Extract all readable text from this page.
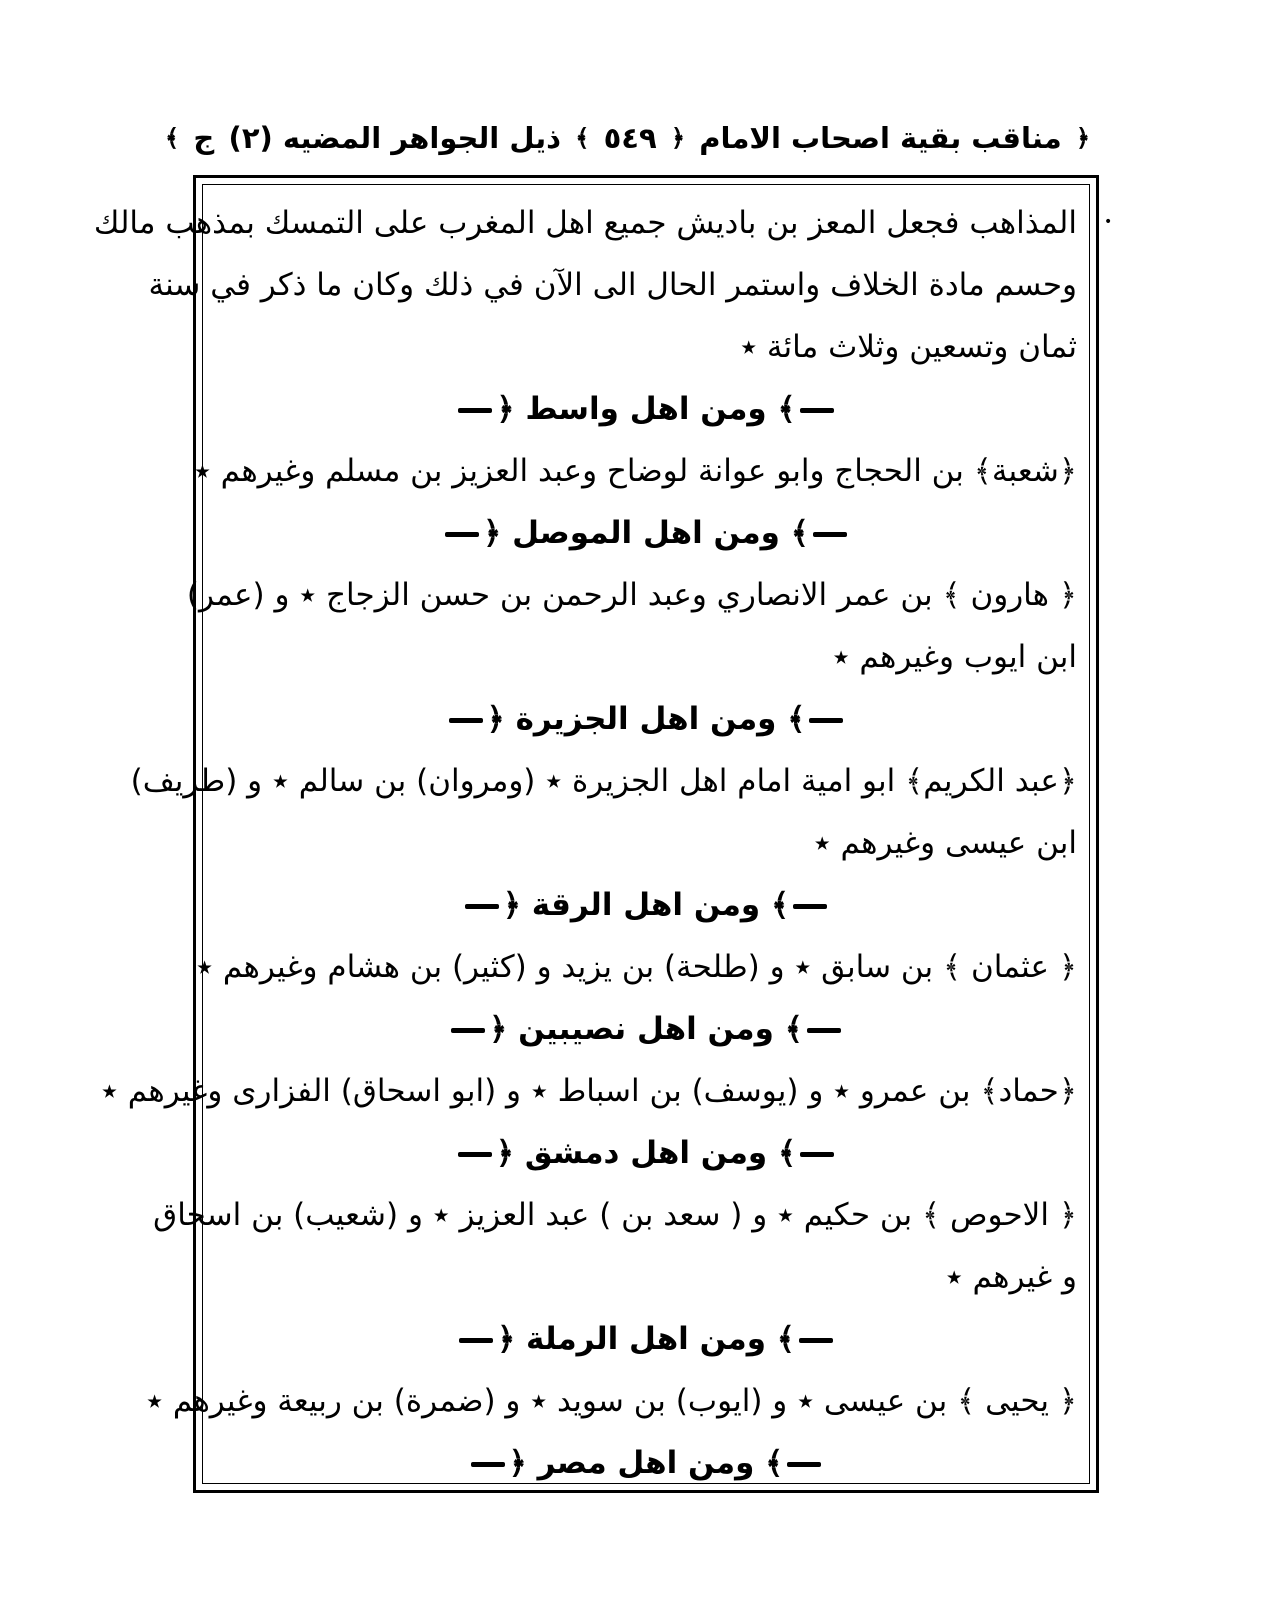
﴿
مناقب بقية اصحاب الامام
﴿
٥٤٩
﴾
ذيل الجواهر المضيه (٢)
ج
﴾
•
المذاهب فجعل المعز بن باديش جميع اهل المغرب على التمسك بمذهب مالك
وحسم مادة الخلاف واستمر الحال الى الآن في ذلك وكان ما ذكر في سنة
ثمان وتسعين وثلاث مائة ٭
﴾ ومن اهل واسط ﴿
﴿شعبة﴾ بن الحجاج وابو عوانة لوضاح وعبد العزيز بن مسلم وغيرهم ٭
﴾ ومن اهل الموصل ﴿
﴿ هارون ﴾ بن عمر الانصاري وعبد الرحمن بن حسن الزجاج ٭ و (عمر)
ابن ايوب وغيرهم ٭
﴾ ومن اهل الجزيرة ﴿
﴿عبد الكريم﴾ ابو امية امام اهل الجزيرة ٭ (ومروان) بن سالم ٭ و (طريف)
ابن عيسى وغيرهم ٭
﴾ ومن اهل الرقة ﴿
﴿ عثمان ﴾ بن سابق ٭ و (طلحة) بن يزيد و (كثير) بن هشام وغيرهم ٭
﴾ ومن اهل نصيبين ﴿
﴿حماد﴾ بن عمرو ٭ و (يوسف) بن اسباط ٭ و (ابو اسحاق) الفزارى وغيرهم ٭
﴾ ومن اهل دمشق ﴿
﴿ الاحوص ﴾ بن حكيم ٭ و ( سعد بن ) عبد العزيز ٭ و (شعيب) بن اسحاق
و غيرهم ٭
﴾ ومن اهل الرملة ﴿
﴿ يحيى ﴾ بن عيسى ٭ و (ايوب) بن سويد ٭ و (ضمرة) بن ربيعة وغيرهم ٭
﴾ ومن اهل مصر ﴿
